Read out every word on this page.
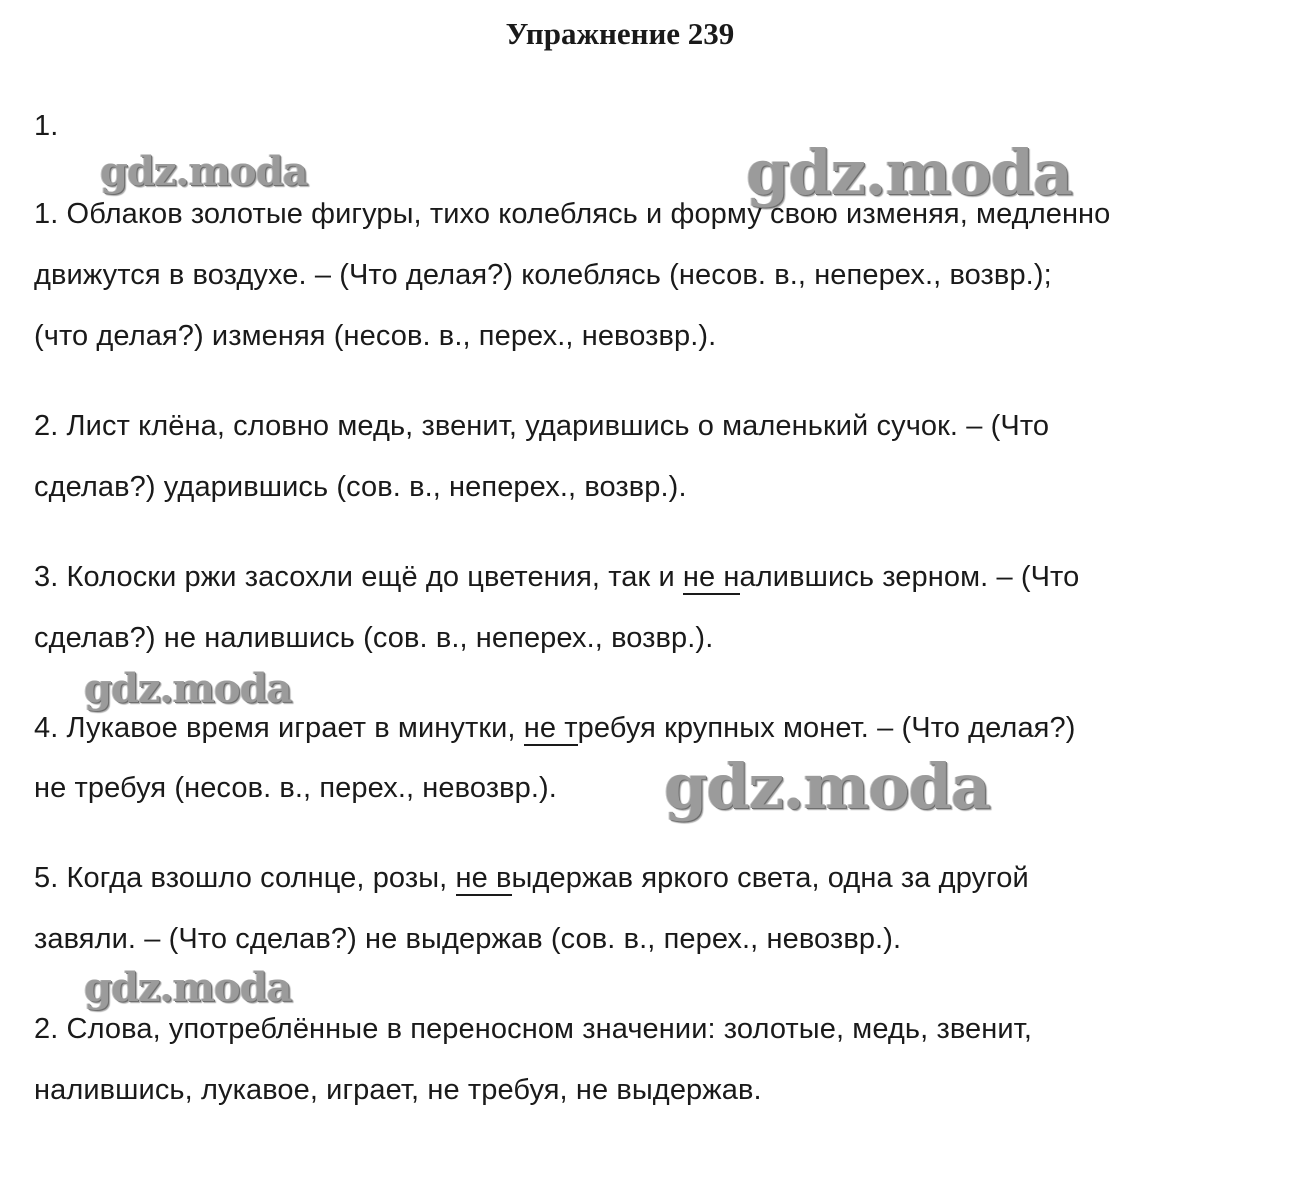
Упражнение 239
1.
gdz.moda	gdz.moda
1. Облаков золотые фигуры, тихо колеблясь и форму свою изменяя, медленно
движутся в воздухе. – (Что делая?) колеблясь (несов. в., неперех., возвр.);
(что делая?) изменяя (несов. в., перех., невозвр.).
2. Лист клёна, словно медь, звенит, ударившись о маленький сучок. – (Что
сделав?) ударившись (сов. в., неперех., возвр.).
3. Колоски ржи засохли ещё до цветения, так и не налившись зерном. – (Что
сделав?) не налившись (сов. в., неперех., возвр.).
gdz.moda
4. Лукавое время играет в минутки, не требуя крупных монет. – (Что делая?)
не требуя (несов. в., перех., невозвр.). gdz.moda
5. Когда взошло солнце, розы, не выдержав яркого света, одна за другой
завяли. – (Что сделав?) не выдержав (сов. в., перех., невозвр.).
gdz.moda
2. Слова, употреблённые в переносном значении: золотые, медь, звенит,
налившись, лукавое, играет, не требуя, не выдержав.
